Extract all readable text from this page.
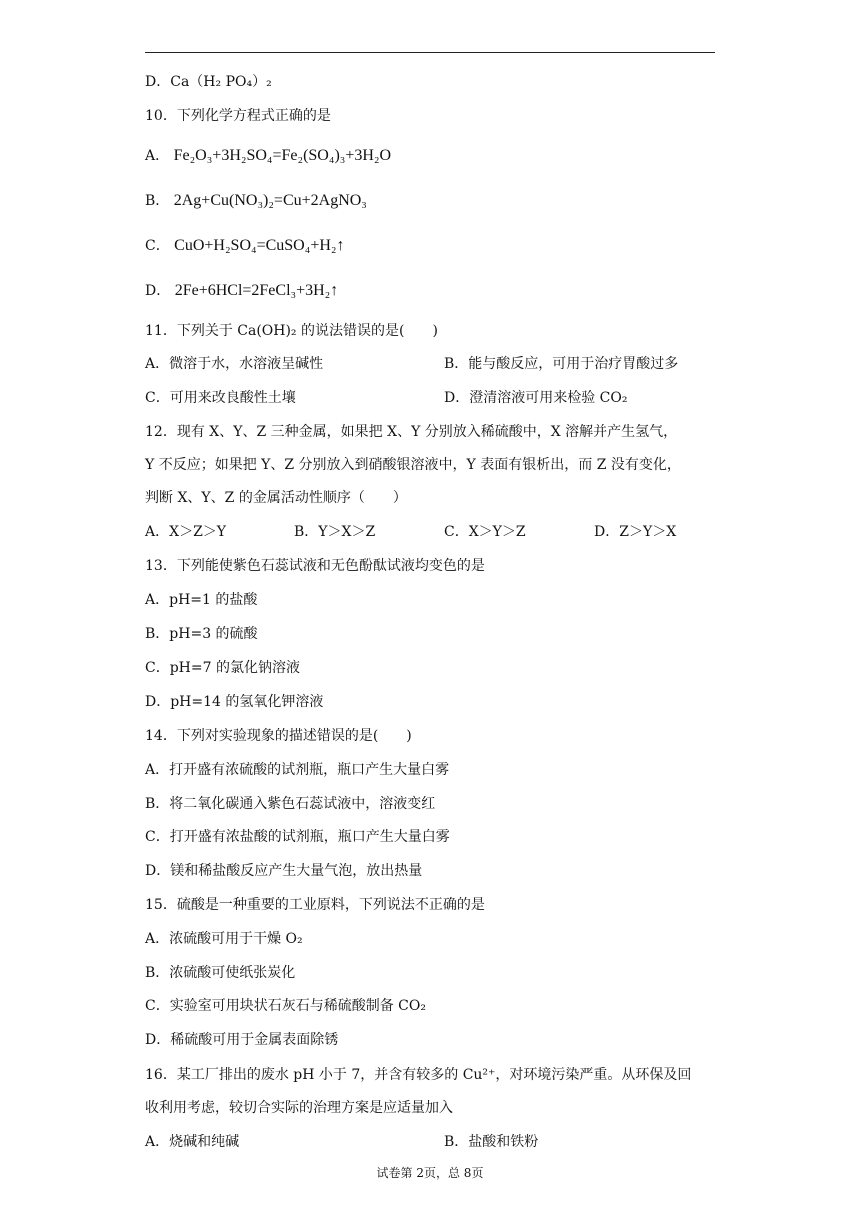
D．Ca（H₂ PO₄）₂
10．下列化学方程式正确的是
A． Fe₂O₃+3H₂SO₄=Fe₂(SO₄)₃+3H₂O
B． 2Ag+Cu(NO₃)₂=Cu+2AgNO₃
C． CuO+H₂SO₄=CuSO₄+H₂↑
D． 2Fe+6HCl=2FeCl₃+3H₂↑
11．下列关于 Ca(OH)₂ 的说法错误的是(　　)
A．微溶于水，水溶液呈碱性	B．能与酸反应，可用于治疗胃酸过多
C．可用来改良酸性土壤	D．澄清溶液可用来检验 CO₂
12．现有 X、Y、Z 三种金属，如果把 X、Y 分别放入稀硫酸中，X 溶解并产生氢气，
Y 不反应；如果把 Y、Z 分别放入到硝酸银溶液中，Y 表面有银析出，而 Z 没有变化，
判断 X、Y、Z 的金属活动性顺序（　　）
A．X＞Z＞Y	B．Y＞X＞Z	C．X＞Y＞Z	D．Z＞Y＞X
13．下列能使紫色石蕊试液和无色酚酞试液均变色的是
A．pH=1 的盐酸
B．pH=3 的硫酸
C．pH=7 的氯化钠溶液
D．pH=14 的氢氧化钾溶液
14．下列对实验现象的描述错误的是(　　)
A．打开盛有浓硫酸的试剂瓶，瓶口产生大量白雾
B．将二氧化碳通入紫色石蕊试液中，溶液变红
C．打开盛有浓盐酸的试剂瓶，瓶口产生大量白雾
D．镁和稀盐酸反应产生大量气泡，放出热量
15．硫酸是一种重要的工业原料，下列说法不正确的是
A．浓硫酸可用于干燥 O₂
B．浓硫酸可使纸张炭化
C．实验室可用块状石灰石与稀硫酸制备 CO₂
D．稀硫酸可用于金属表面除锈
16．某工厂排出的废水 pH 小于 7，并含有较多的 Cu²⁺，对环境污染严重。从环保及回
收利用考虑，较切合实际的治理方案是应适量加入
A．烧碱和纯碱	B．盐酸和铁粉
试卷第 2页，总 8页
